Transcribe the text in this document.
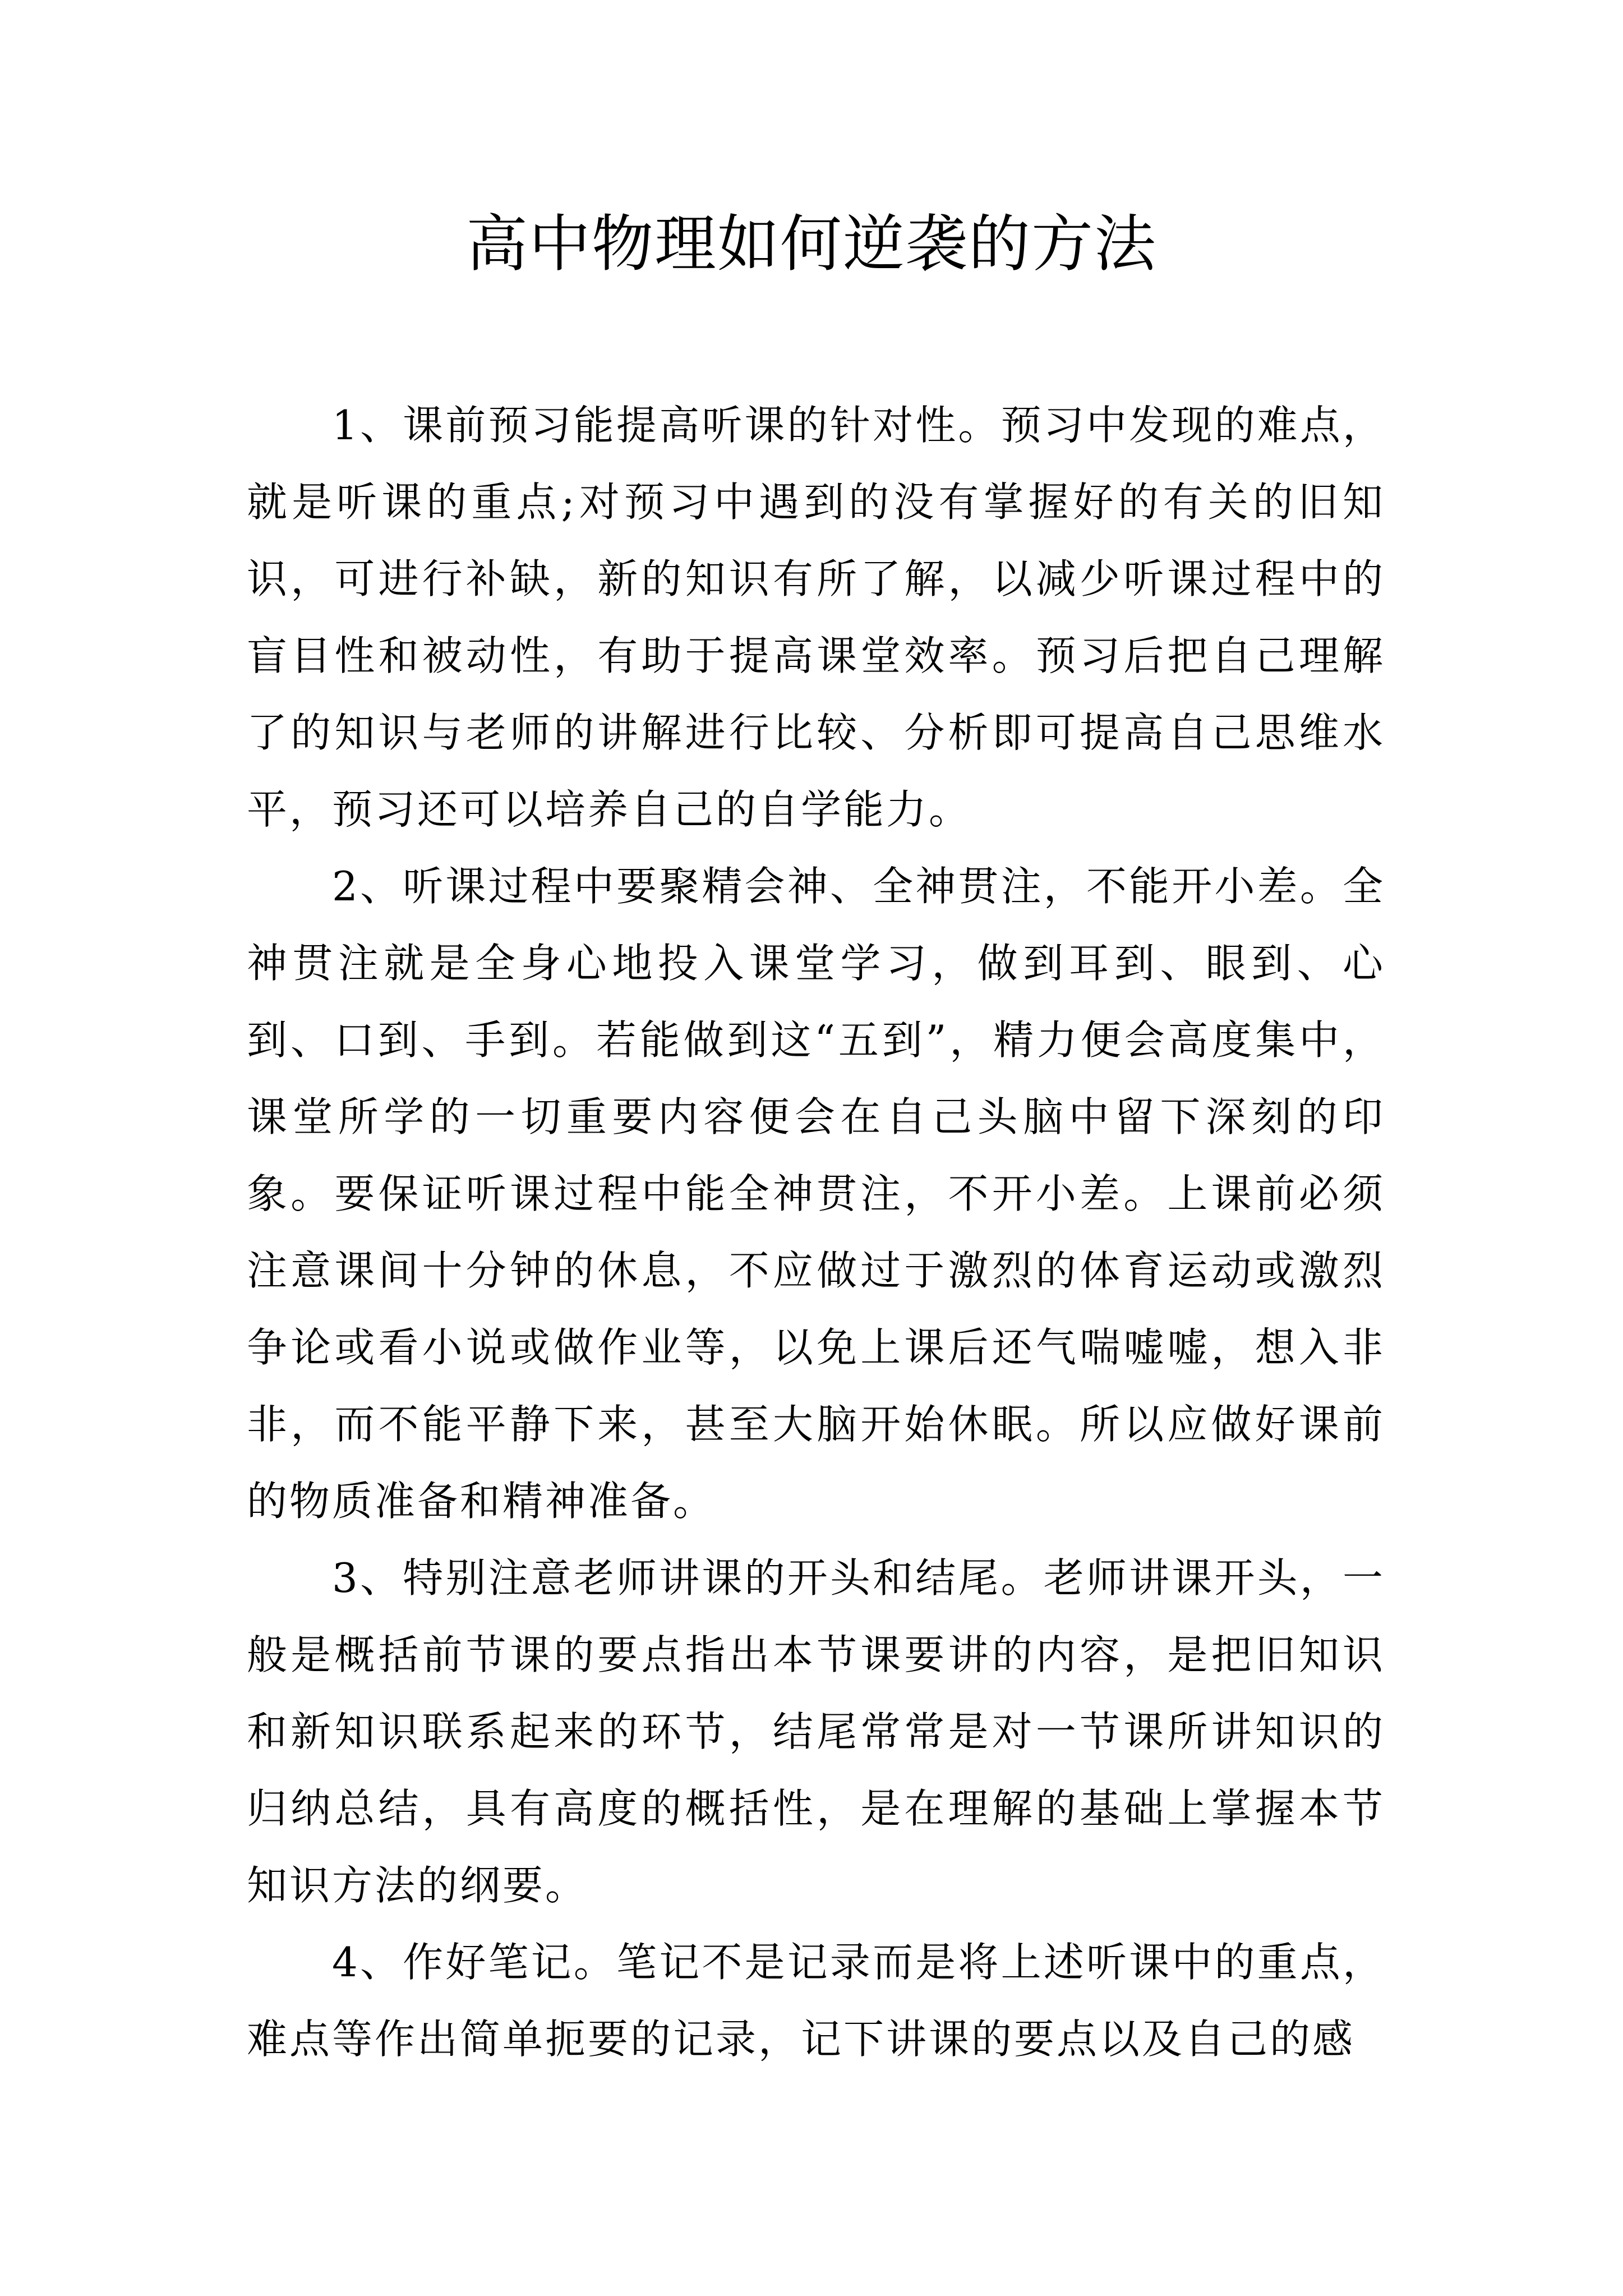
高中物理如何逆袭的方法

1、课前预习能提高听课的针对性。预习中发现的难点，就是听课的重点;对预习中遇到的没有掌握好的有关的旧知识，可进行补缺，新的知识有所了解，以减少听课过程中的盲目性和被动性，有助于提高课堂效率。预习后把自己理解了的知识与老师的讲解进行比较、分析即可提高自己思维水平，预习还可以培养自己的自学能力。

2、听课过程中要聚精会神、全神贯注，不能开小差。全神贯注就是全身心地投入课堂学习，做到耳到、眼到、心到、口到、手到。若能做到这“五到”，精力便会高度集中，课堂所学的一切重要内容便会在自己头脑中留下深刻的印象。要保证听课过程中能全神贯注，不开小差。上课前必须注意课间十分钟的休息，不应做过于激烈的体育运动或激烈争论或看小说或做作业等，以免上课后还气喘嘘嘘，想入非非，而不能平静下来，甚至大脑开始休眠。所以应做好课前的物质准备和精神准备。

3、特别注意老师讲课的开头和结尾。老师讲课开头，一般是概括前节课的要点指出本节课要讲的内容，是把旧知识和新知识联系起来的环节，结尾常常是对一节课所讲知识的归纳总结，具有高度的概括性，是在理解的基础上掌握本节知识方法的纲要。

4、作好笔记。笔记不是记录而是将上述听课中的重点，难点等作出简单扼要的记录，记下讲课的要点以及自己的感
